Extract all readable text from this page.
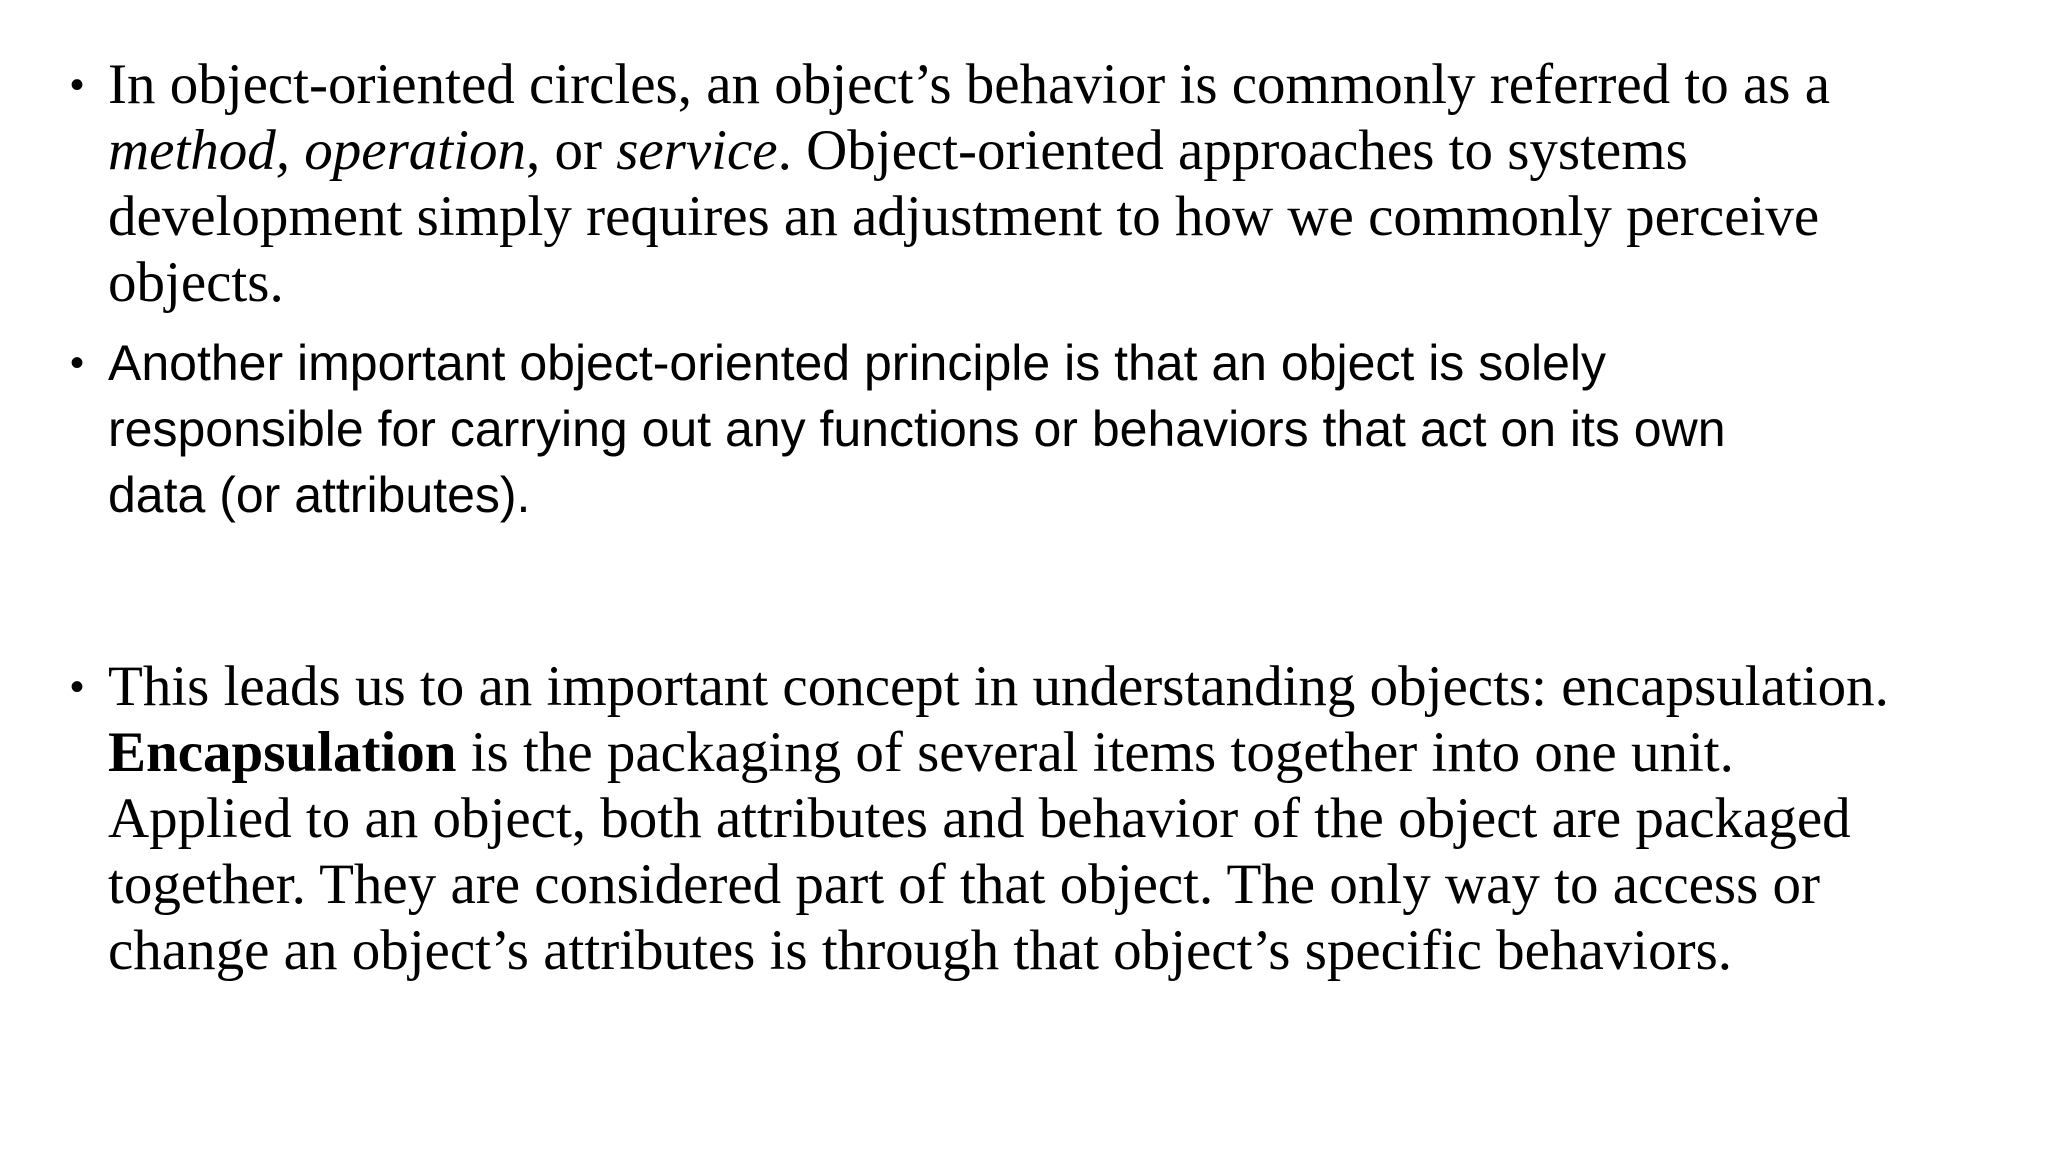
• In object-oriented circles, an object’s behavior is commonly referred to as a
method, operation, or service. Object-oriented approaches to systems
development simply requires an adjustment to how we commonly perceive
objects.
• Another important object-oriented principle is that an object is solely
responsible for carrying out any functions or behaviors that act on its own
data (or attributes).
• This leads us to an important concept in understanding objects: encapsulation.
Encapsulation is the packaging of several items together into one unit.
Applied to an object, both attributes and behavior of the object are packaged
together. They are considered part of that object. The only way to access or
change an object’s attributes is through that object’s specific behaviors.
